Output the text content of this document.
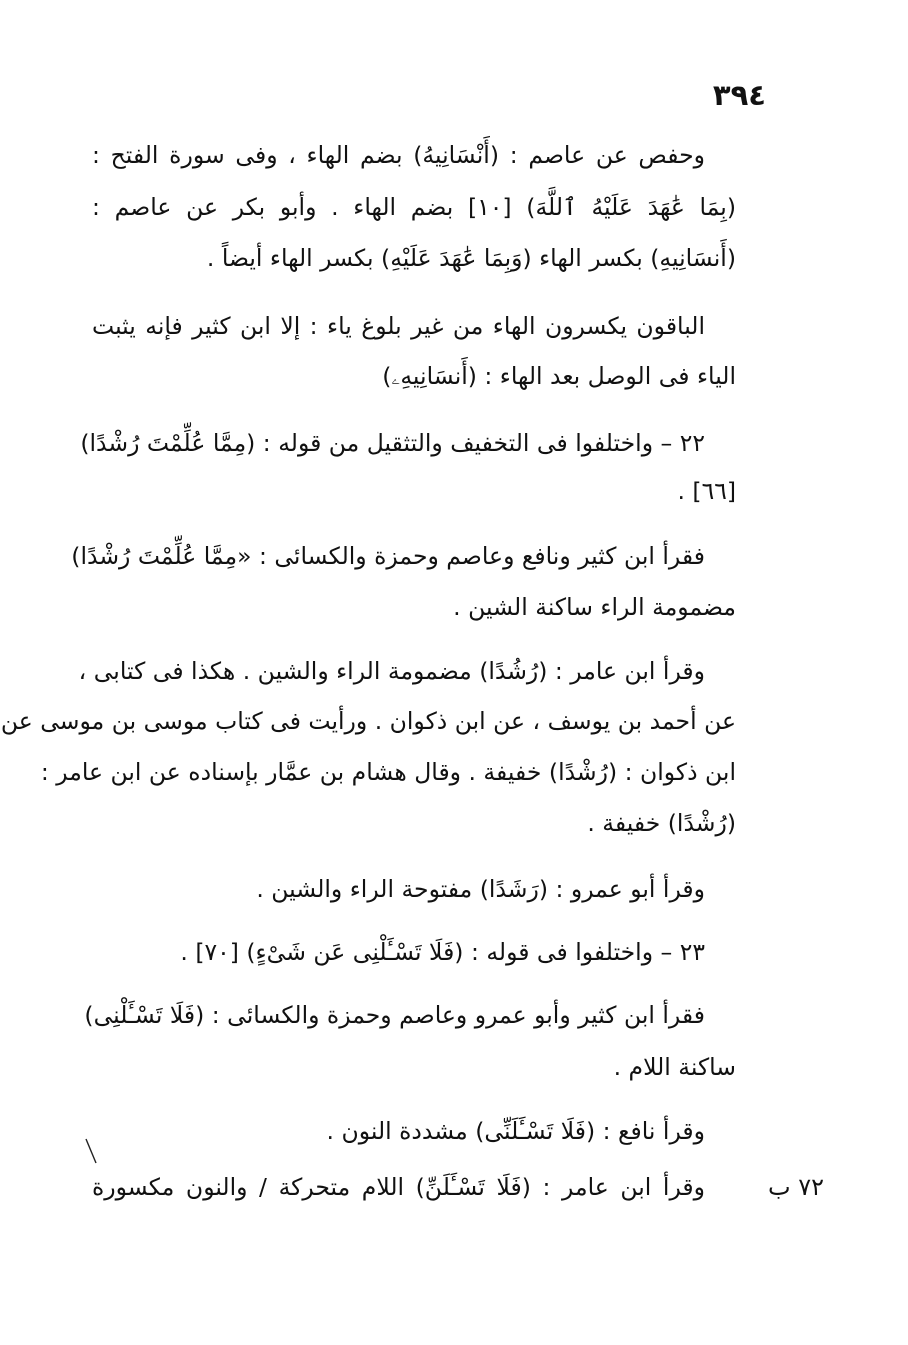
٣٩٤
وحفص عن عاصم : (أَنْسَانِيهُ) بضم الهاء ، وفى سورة الفتح :
(بِمَا عَٰهَدَ عَلَيْهُ ٱللَّهَ) [١٠] بضم الهاء . وأبو بكر عن عاصم :
(أَنسَانِيهِ) بكسر الهاء (وَبِمَا عَٰهَدَ عَلَيْهِ) بكسر الهاء أيضاً .
الباقون يكسرون الهاء من غير بلوغ ياء : إلا ابن كثير فإنه يثبت
الياء فى الوصل بعد الهاء : (أَنسَانِيهِۦ)
٢٢ – واختلفوا فى التخفيف والتثقيل من قوله : (مِمَّا عُلِّمْتَ رُشْدًا)
[٦٦] .
فقرأ ابن كثير ونافع وعاصم وحمزة والكسائى : «مِمَّا عُلِّمْتَ رُشْدًا)
مضمومة الراء ساكنة الشين .
وقرأ ابن عامر : (رُشُدًا) مضمومة الراء والشين . هكذا فى كتابى ،
عن أحمد بن يوسف ، عن ابن ذكوان . ورأيت فى كتاب موسى بن موسى عن
ابن ذكوان : (رُشْدًا) خفيفة . وقال هشام بن عمَّار بإسناده عن ابن عامر :
(رُشْدًا) خفيفة .
وقرأ أبو عمرو : (رَشَدًا) مفتوحة الراء والشين .
٢٣ – واختلفوا فى قوله : (فَلَا تَسْـَٔلْنِى عَن شَىْءٍ) [٧٠] .
فقرأ ابن كثير وأبو عمرو وعاصم وحمزة والكسائى : (فَلَا تَسْـَٔلْنِى)
ساكنة اللام .
وقرأ نافع : (فَلَا تَسْـَٔلَنِّى) مشددة النون .
وقرأ ابن عامر : (فَلَا تَسْـَٔلَنِّ) اللام متحركة / والنون مكسورة	٧٢ ب
